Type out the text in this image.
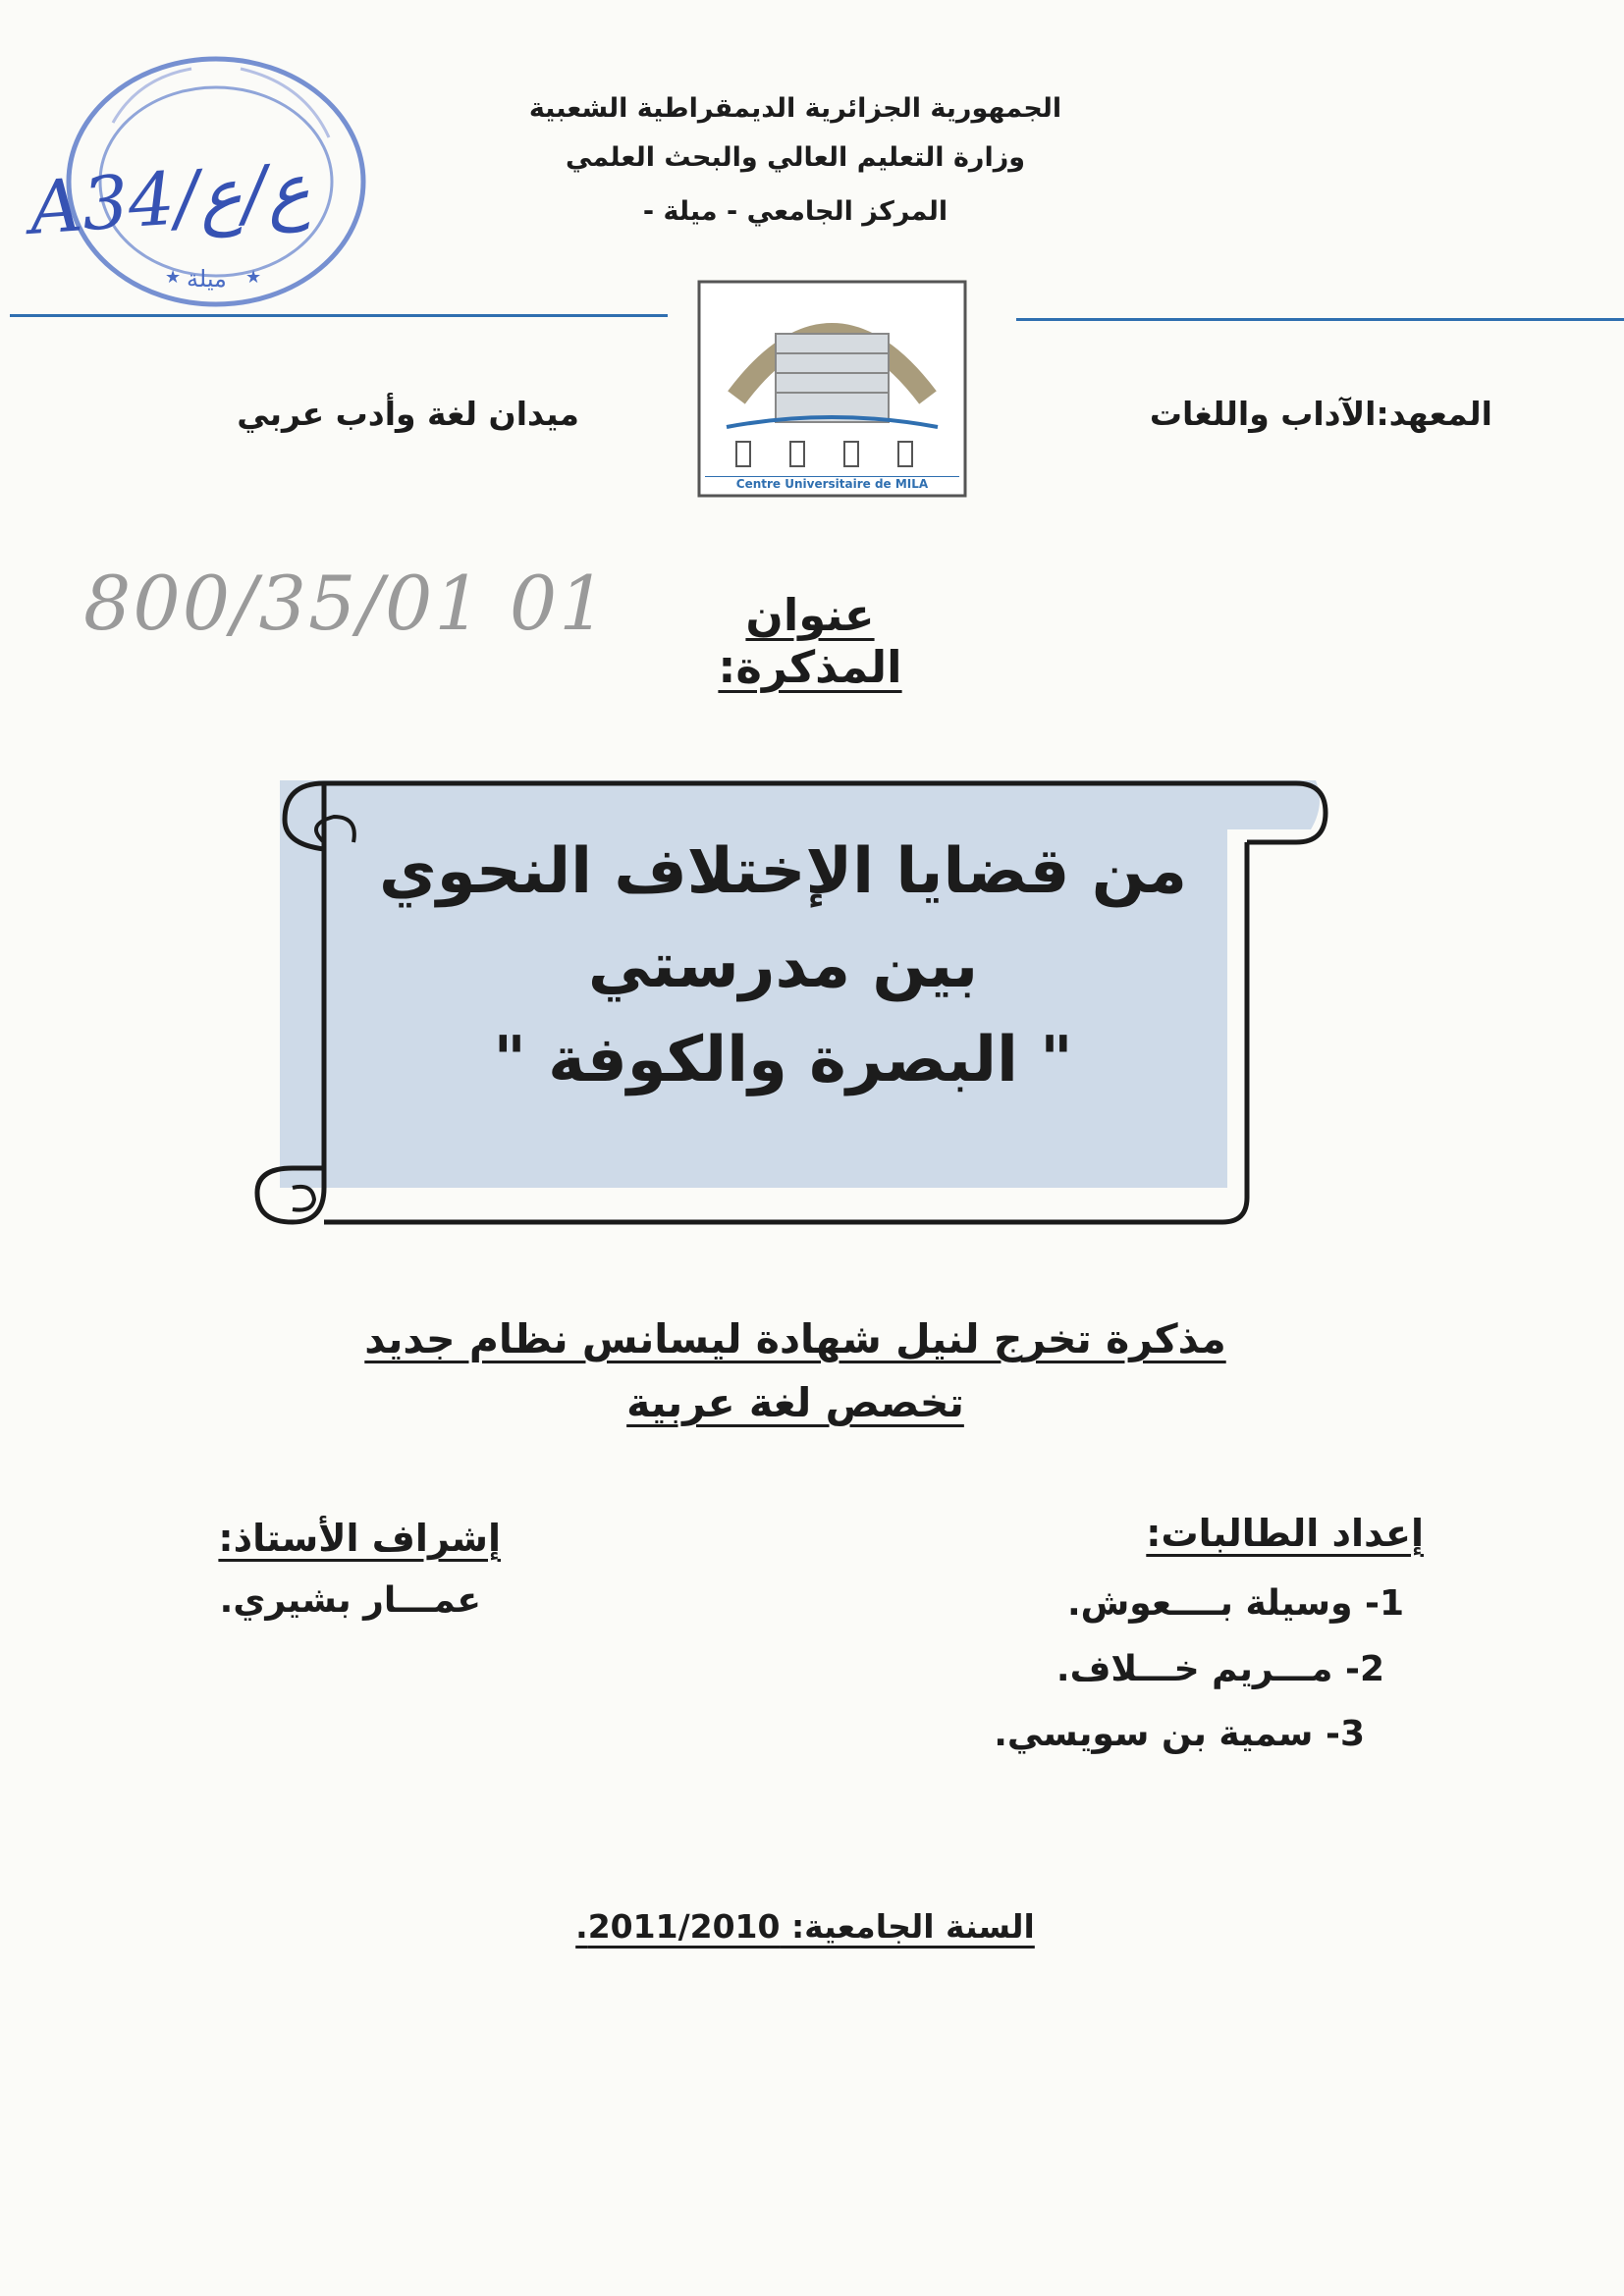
★	★
A34/ع/ع
ميلة
الجمهورية الجزائرية الديمقراطية الشعبية
وزارة التعليم العالي والبحث العلمي
المركز الجامعي - ميلة -
Centre Universitaire de MILA
المعهد:الآداب واللغات
ميدان لغة وأدب عربي
800/35/01 01	عنوان المذكرة:
من قضايا الإختلاف النحوي
بين مدرستي
" البصرة والكوفة "
مذكرة تخرج لنيل شهادة ليسانس نظام جديد
تخصص لغة عربية
إعداد الطالبات:
1- وسيلة بــــعوش.
2- مـــريم خـــلاف.
3- سمية بن سويسي.
إشراف الأستاذ:
عمـــار بشيري.
السنة الجامعية: 2011/2010.
